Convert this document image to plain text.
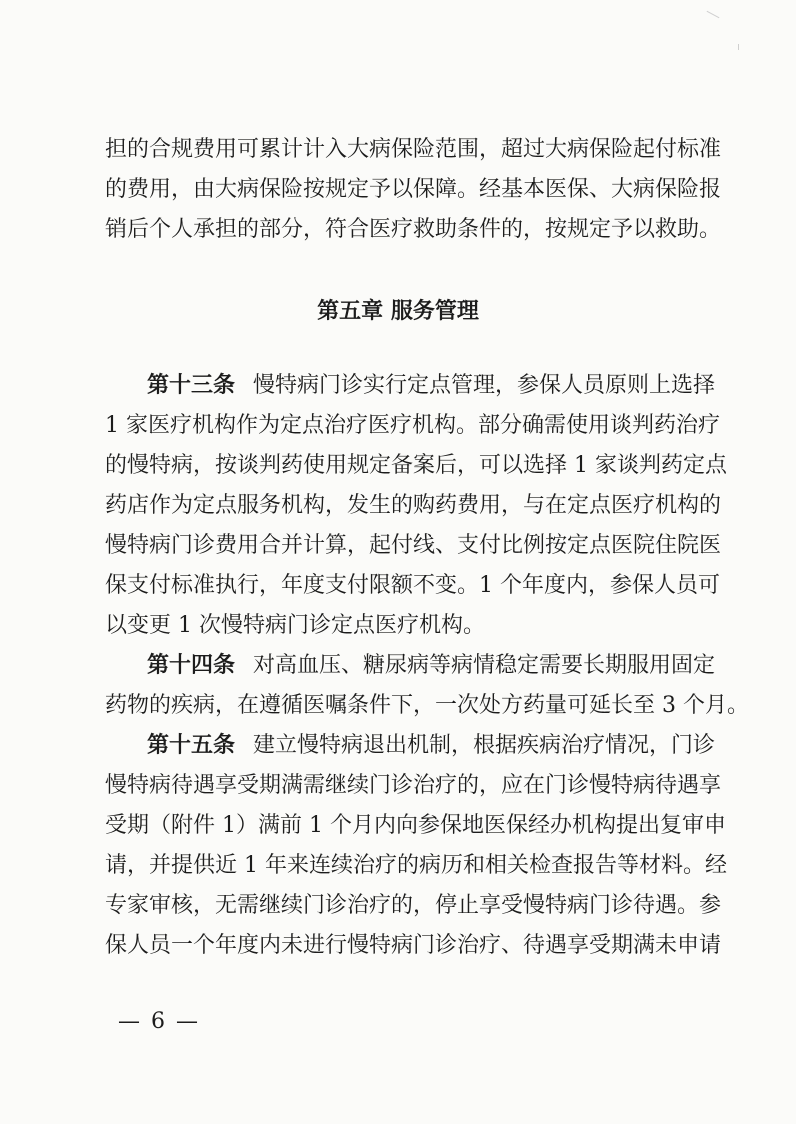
担的合规费用可累计计入大病保险范围，超过大病保险起付标准
的费用，由大病保险按规定予以保障。经基本医保、大病保险报
销后个人承担的部分，符合医疗救助条件的，按规定予以救助。
第五章 服务管理
第十三条 慢特病门诊实行定点管理，参保人员原则上选择
1 家医疗机构作为定点治疗医疗机构。部分确需使用谈判药治疗
的慢特病，按谈判药使用规定备案后，可以选择 1 家谈判药定点
药店作为定点服务机构，发生的购药费用，与在定点医疗机构的
慢特病门诊费用合并计算，起付线、支付比例按定点医院住院医
保支付标准执行，年度支付限额不变。1 个年度内，参保人员可
以变更 1 次慢特病门诊定点医疗机构。
第十四条 对高血压、糖尿病等病情稳定需要长期服用固定
药物的疾病，在遵循医嘱条件下，一次处方药量可延长至 3 个月。
第十五条 建立慢特病退出机制，根据疾病治疗情况，门诊
慢特病待遇享受期满需继续门诊治疗的，应在门诊慢特病待遇享
受期（附件 1）满前 1 个月内向参保地医保经办机构提出复审申
请，并提供近 1 年来连续治疗的病历和相关检查报告等材料。经
专家审核，无需继续门诊治疗的，停止享受慢特病门诊待遇。参
保人员一个年度内未进行慢特病门诊治疗、待遇享受期满未申请
— 6 —
